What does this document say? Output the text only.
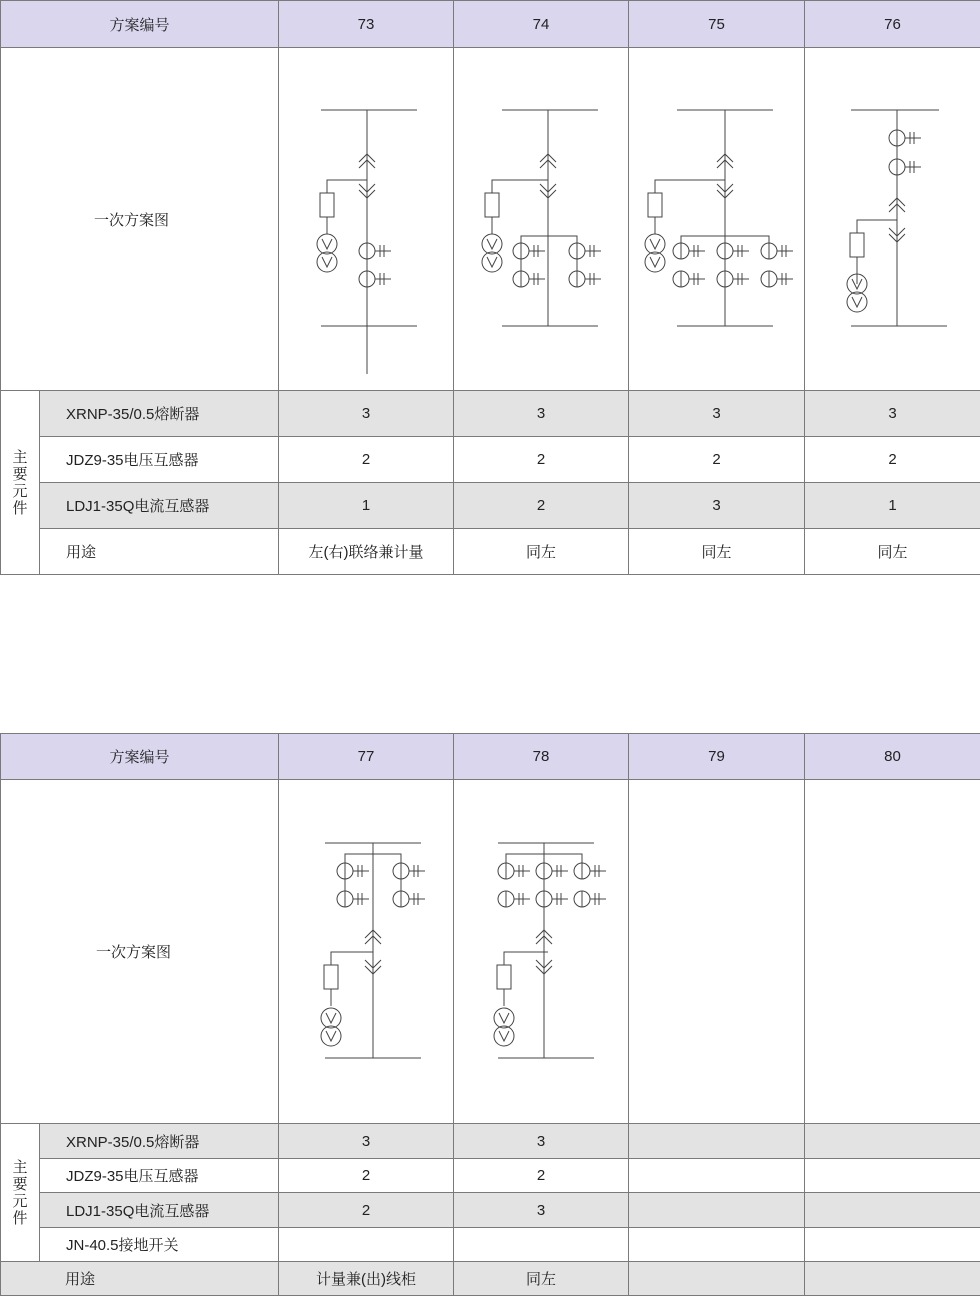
方案编号		73	74	75	76
一次方案图	

主
要
元
件	XRNP-35/0.5熔断器	3	3	3	3
	JDZ9-35电压互感器	2	2	2	2
	LDJ1-35Q电流互感器	1	2	3	1
	用途	左(右)联络兼计量	同左	同左	同左
方案编号		77	78	79	80
一次方案图	

主
要
元
件	XRNP-35/0.5熔断器	3	3		
	JDZ9-35电压互感器	2	2		
	LDJ1-35Q电流互感器	2	3		
	JN-40.5接地开关				
用途		计量兼(出)线柜	同左		
